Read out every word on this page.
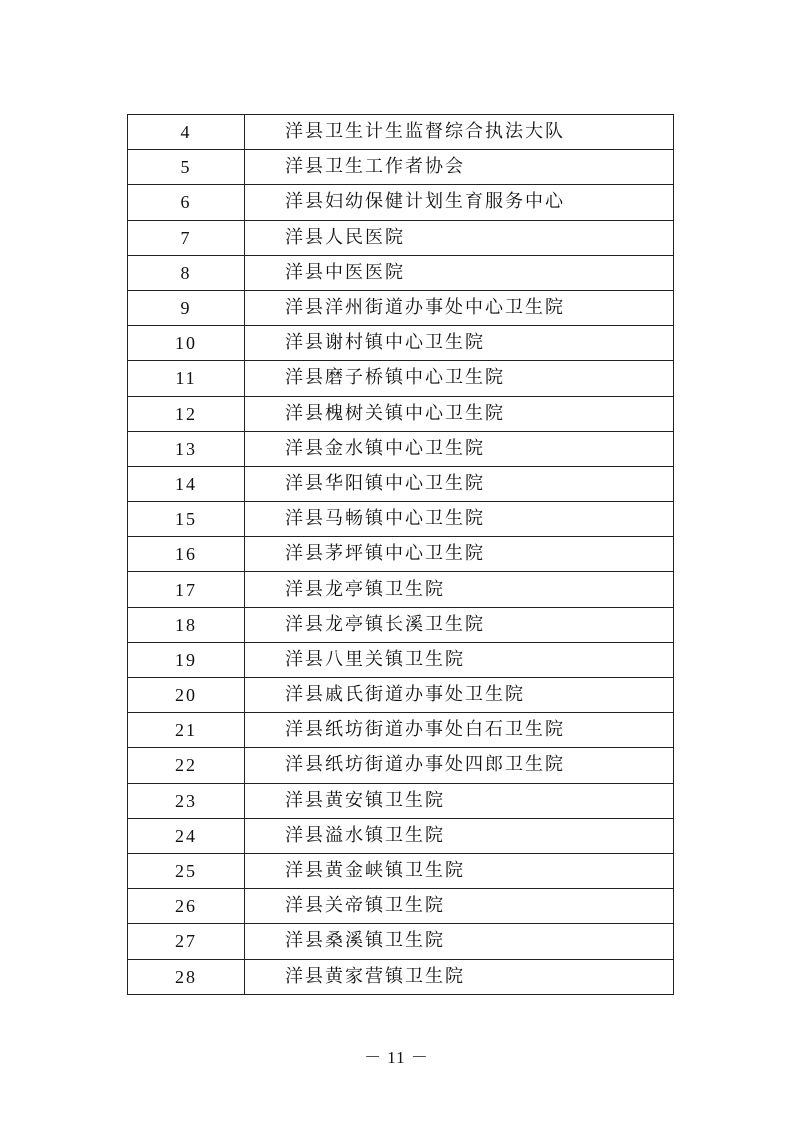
4	洋县卫生计生监督综合执法大队
5	洋县卫生工作者协会
6	洋县妇幼保健计划生育服务中心
7	洋县人民医院
8	洋县中医医院
9	洋县洋州街道办事处中心卫生院
10	洋县谢村镇中心卫生院
11	洋县磨子桥镇中心卫生院
12	洋县槐树关镇中心卫生院
13	洋县金水镇中心卫生院
14	洋县华阳镇中心卫生院
15	洋县马畅镇中心卫生院
16	洋县茅坪镇中心卫生院
17	洋县龙亭镇卫生院
18	洋县龙亭镇长溪卫生院
19	洋县八里关镇卫生院
20	洋县戚氏街道办事处卫生院
21	洋县纸坊街道办事处白石卫生院
22	洋县纸坊街道办事处四郎卫生院
23	洋县黄安镇卫生院
24	洋县溢水镇卫生院
25	洋县黄金峡镇卫生院
26	洋县关帝镇卫生院
27	洋县桑溪镇卫生院
28	洋县黄家营镇卫生院
－ 11 －
